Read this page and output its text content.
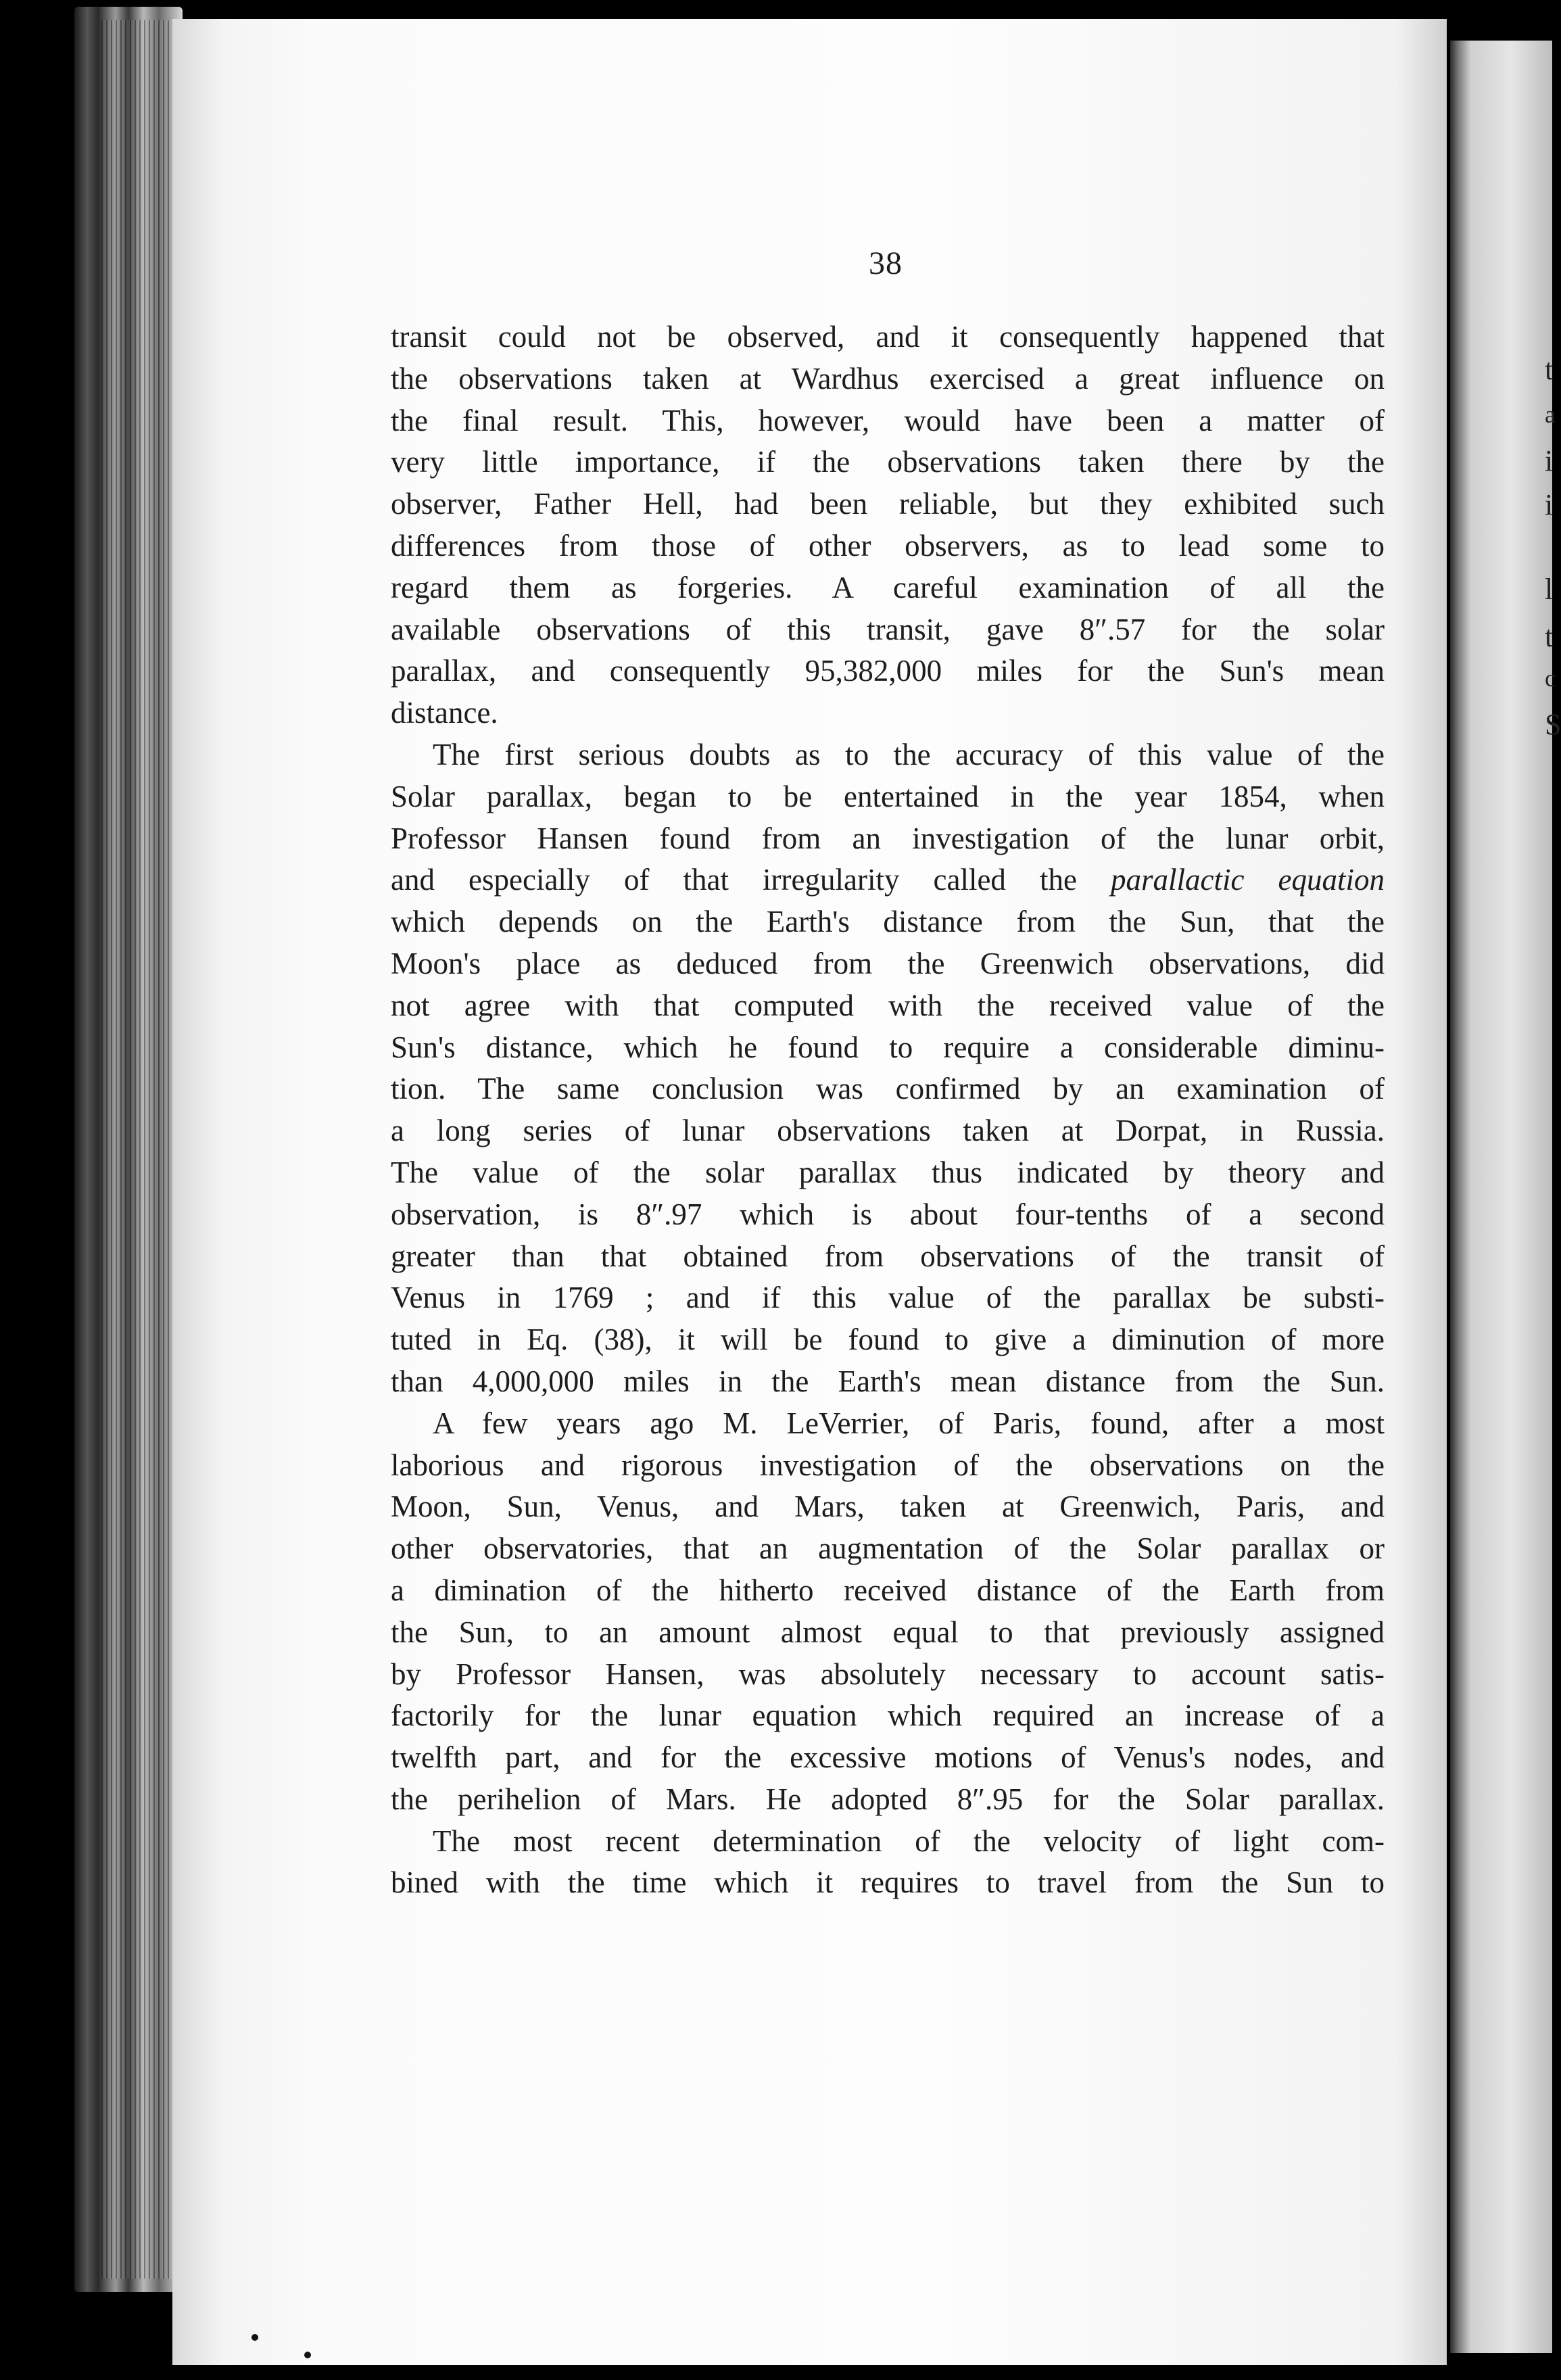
t
a
i
i
l
t
c
S
38

transit could not be observed, and it consequently happened that
the observations taken at Wardhus exercised a great influence on
the final result. This, however, would have been a matter of
very little importance, if the observations taken there by the
observer, Father Hell, had been reliable, but they exhibited such
differences from those of other observers, as to lead some to
regard them as forgeries. A careful examination of all the
available observations of this transit, gave 8″.57 for the solar
parallax, and consequently 95,382,000 miles for the Sun's mean
distance.

The first serious doubts as to the accuracy of this value of the
Solar parallax, began to be entertained in the year 1854, when
Professor Hansen found from an investigation of the lunar orbit,
and especially of that irregularity called the parallactic equation
which depends on the Earth's distance from the Sun, that the
Moon's place as deduced from the Greenwich observations, did
not agree with that computed with the received value of the
Sun's distance, which he found to require a considerable diminu-
tion. The same conclusion was confirmed by an examination of
a long series of lunar observations taken at Dorpat, in Russia.
The value of the solar parallax thus indicated by theory and
observation, is 8″.97 which is about four-tenths of a second
greater than that obtained from observations of the transit of
Venus in 1769 ; and if this value of the parallax be substi-
tuted in Eq. (38), it will be found to give a diminution of more
than 4,000,000 miles in the Earth's mean distance from the Sun.

A few years ago M. LeVerrier, of Paris, found, after a most
laborious and rigorous investigation of the observations on the
Moon, Sun, Venus, and Mars, taken at Greenwich, Paris, and
other observatories, that an augmentation of the Solar parallax or
a dimination of the hitherto received distance of the Earth from
the Sun, to an amount almost equal to that previously assigned
by Professor Hansen, was absolutely necessary to account satis-
factorily for the lunar equation which required an increase of a
twelfth part, and for the excessive motions of Venus's nodes, and
the perihelion of Mars. He adopted 8″.95 for the Solar parallax.

The most recent determination of the velocity of light com-
bined with the time which it requires to travel from the Sun to
